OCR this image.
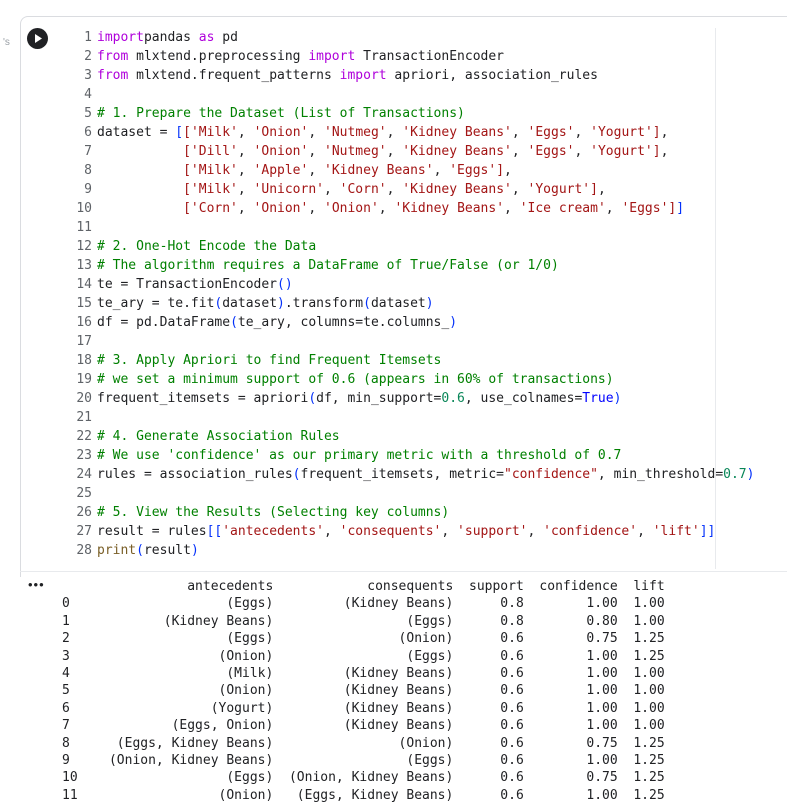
's	1 importpandas as pd
2 from mlxtend.preprocessing import TransactionEncoder
3 from mlxtend.frequent_patterns import apriori, association_rules
4
5 # 1. Prepare the Dataset (List of Transactions)
6 dataset = [['Milk', 'Onion', 'Nutmeg', 'Kidney Beans', 'Eggs', 'Yogurt'],
7	['Dill', 'Onion', 'Nutmeg', 'Kidney Beans', 'Eggs', 'Yogurt'],
8	['Milk', 'Apple', 'Kidney Beans', 'Eggs'],
9	['Milk', 'Unicorn', 'Corn', 'Kidney Beans', 'Yogurt'],
10	['Corn', 'Onion', 'Onion', 'Kidney Beans', 'Ice cream', 'Eggs']]
11
12 # 2. One-Hot Encode the Data
13 # The algorithm requires a DataFrame of True/False (or 1/0)
14 te = TransactionEncoder()
15 te_ary = te.fit(dataset).transform(dataset)
16 df = pd.DataFrame(te_ary, columns=te.columns_)
17
18 # 3. Apply Apriori to find Frequent Itemsets
19 # we set a minimum support of 0.6 (appears in 60% of transactions)
20 frequent_itemsets = apriori(df, min_support=0.6, use_colnames=True)
21
22 # 4. Generate Association Rules
23 # We use 'confidence' as our primary metric with a threshold of 0.7
24 rules = association_rules(frequent_itemsets, metric="confidence", min_threshold=0.7)
25
26 # 5. View the Results (Selecting key columns)
27 result = rules[['antecedents', 'consequents', 'support', 'confidence', 'lift']]
28 print(result)
••• antecedents            consequents  support  confidence  lift
0                    (Eggs)         (Kidney Beans)      0.8        1.00  1.00
1            (Kidney Beans)                 (Eggs)      0.8        0.80  1.00
2                    (Eggs)                (Onion)      0.6        0.75  1.25
3                   (Onion)                 (Eggs)      0.6        1.00  1.25
4                    (Milk)         (Kidney Beans)      0.6        1.00  1.00
5                   (Onion)         (Kidney Beans)      0.6        1.00  1.00
6                  (Yogurt)         (Kidney Beans)      0.6        1.00  1.00
7             (Eggs, Onion)         (Kidney Beans)      0.6        1.00  1.00
8      (Eggs, Kidney Beans)                (Onion)      0.6        0.75  1.25
9     (Onion, Kidney Beans)                 (Eggs)      0.6        1.00  1.25
10                   (Eggs)  (Onion, Kidney Beans)      0.6        0.75  1.25
11                  (Onion)   (Eggs, Kidney Beans)      0.6        1.00  1.25
